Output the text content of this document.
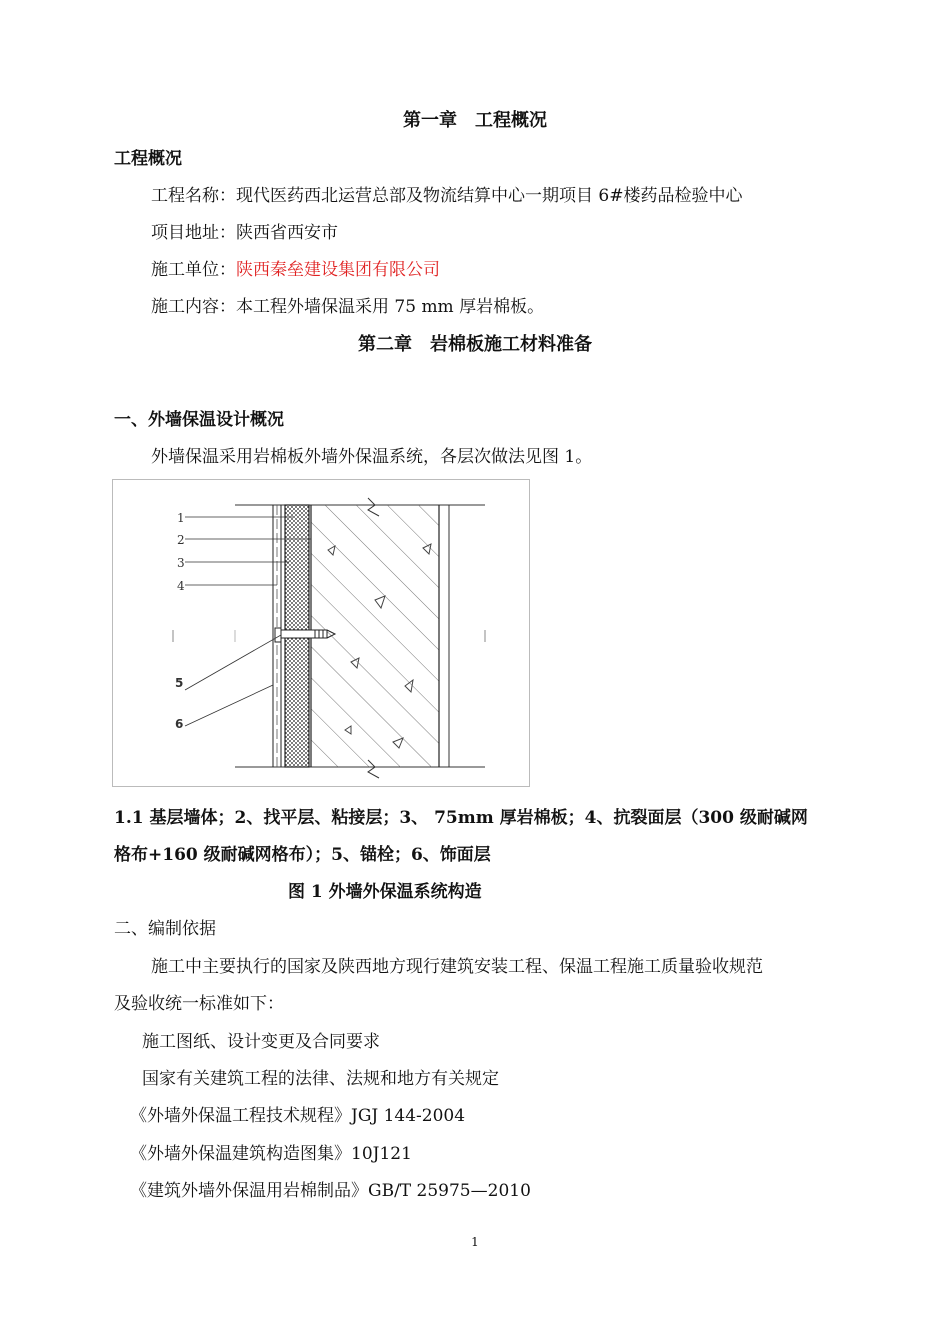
第一章　工程概况
工程概况
工程名称：现代医药西北运营总部及物流结算中心一期项目 6#楼药品检验中心
项目地址：陕西省西安市
施工单位：陕西秦垒建设集团有限公司
施工内容：本工程外墙保温采用 75 mm 厚岩棉板。
第二章　岩棉板施工材料准备
一、外墙保温设计概况
外墙保温采用岩棉板外墙外保温系统，各层次做法见图 1。
1
2
3
4
5
6
1.1 基层墙体；2、找平层、粘接层；3、 75mm 厚岩棉板；4、抗裂面层（300 级耐碱网
格布+160 级耐碱网格布）；5、锚栓；6、饰面层
图 1 外墙外保温系统构造
二、编制依据
施工中主要执行的国家及陕西地方现行建筑安装工程、保温工程施工质量验收规范
及验收统一标准如下：
施工图纸、设计变更及合同要求
国家有关建筑工程的法律、法规和地方有关规定
《外墙外保温工程技术规程》JGJ 144-2004
《外墙外保温建筑构造图集》10J121
《建筑外墙外保温用岩棉制品》GB/T 25975—2010
1
